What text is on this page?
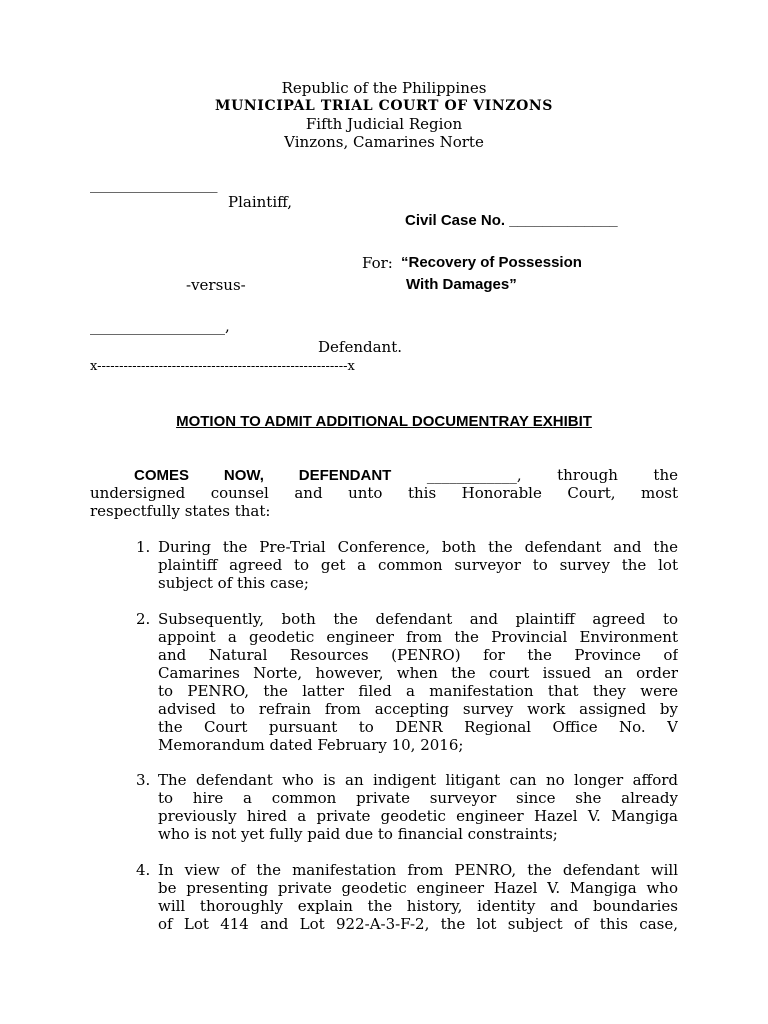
Republic of the Philippines
MUNICIPAL TRIAL COURT OF VINZONS
Fifth Judicial Region
Vinzons, Camarines Norte
_________________
Plaintiff,
Civil Case No. _____________
For: “Recovery of Possession
-versus-	With Damages”
__________________,
Defendant.
x---------------------------------------------------------x
MOTION TO ADMIT ADDITIONAL DOCUMENTRAY EXHIBIT
COMES NOW, DEFENDANT ____________, through the
undersigned counsel and unto this Honorable Court, most
respectfully states that:
1. During the Pre-Trial Conference, both the defendant and the
plaintiff agreed to get a common surveyor to survey the lot
subject of this case;
2. Subsequently, both the defendant and plaintiff agreed to
appoint a geodetic engineer from the Provincial Environment
and Natural Resources (PENRO) for the Province of
Camarines Norte, however, when the court issued an order
to PENRO, the latter filed a manifestation that they were
advised to refrain from accepting survey work assigned by
the Court pursuant to DENR Regional Office No. V
Memorandum dated February 10, 2016;
3. The defendant who is an indigent litigant can no longer afford
to hire a common private surveyor since she already
previously hired a private geodetic engineer Hazel V. Mangiga
who is not yet fully paid due to financial constraints;
4. In view of the manifestation from PENRO, the defendant will
be presenting private geodetic engineer Hazel V. Mangiga who
will thoroughly explain the history, identity and boundaries
of Lot 414 and Lot 922-A-3-F-2, the lot subject of this case,
